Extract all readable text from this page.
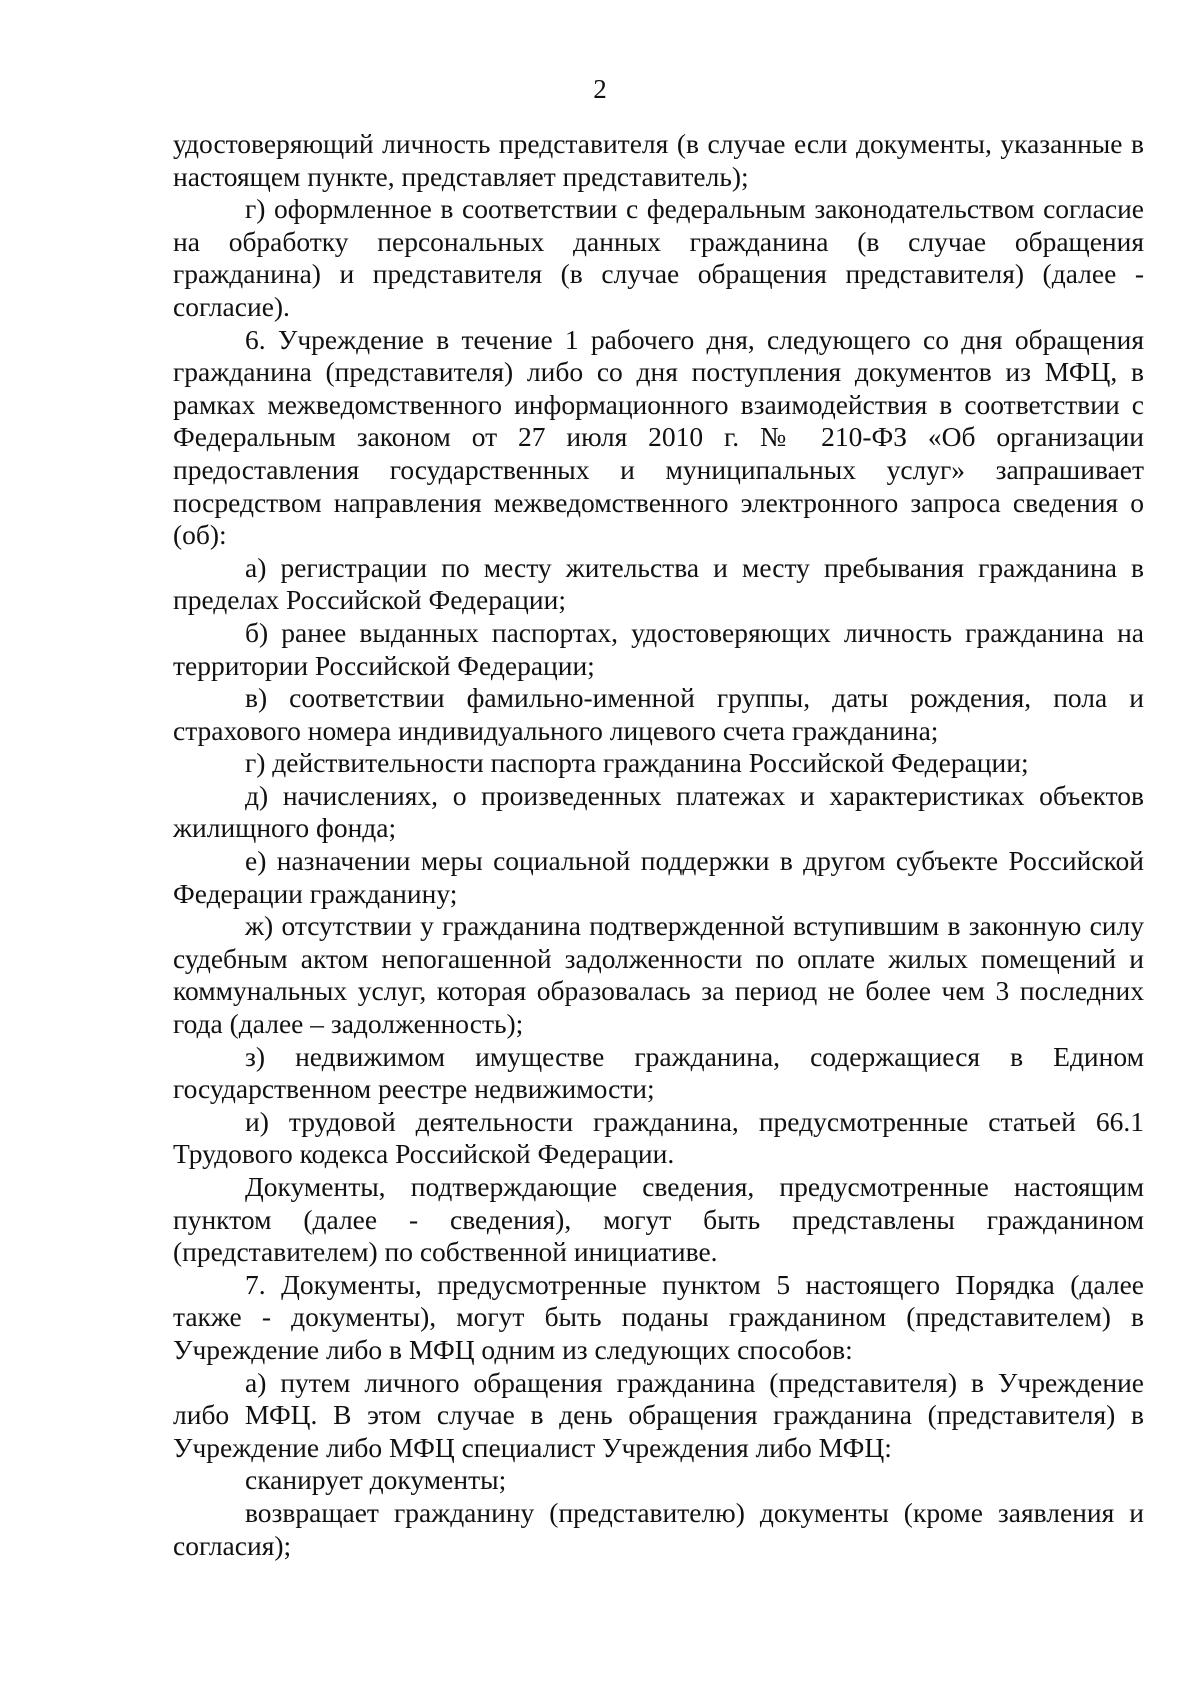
2

удостоверяющий личность представителя (в случае если документы, указанные в настоящем пункте, представляет представитель);

г) оформленное в соответствии с федеральным законодательством согласие на обработку персональных данных гражданина (в случае обращения гражданина) и представителя (в случае обращения представителя) (далее - согласие).

6. Учреждение в течение 1 рабочего дня, следующего со дня обращения гражданина (представителя) либо со дня поступления документов из МФЦ, в рамках межведомственного информационного взаимодействия в соответствии с Федеральным законом от 27 июля 2010 г. № 210-ФЗ «Об организации предоставления государственных и муниципальных услуг» запрашивает посредством направления межведомственного электронного запроса сведения о (об):

а) регистрации по месту жительства и месту пребывания гражданина в пределах Российской Федерации;

б) ранее выданных паспортах, удостоверяющих личность гражданина на территории Российской Федерации;

в) соответствии фамильно-именной группы, даты рождения, пола и страхового номера индивидуального лицевого счета гражданина;

г) действительности паспорта гражданина Российской Федерации;

д) начислениях, о произведенных платежах и характеристиках объектов жилищного фонда;

е) назначении меры социальной поддержки в другом субъекте Российской Федерации гражданину;

ж) отсутствии у гражданина подтвержденной вступившим в законную силу судебным актом непогашенной задолженности по оплате жилых помещений и коммунальных услуг, которая образовалась за период не более чем 3 последних года (далее – задолженность);

з) недвижимом имуществе гражданина, содержащиеся в Едином государственном реестре недвижимости;

и) трудовой деятельности гражданина, предусмотренные статьей 66.1 Трудового кодекса Российской Федерации.

Документы, подтверждающие сведения, предусмотренные настоящим пунктом (далее - сведения), могут быть представлены гражданином (представителем) по собственной инициативе.

7. Документы, предусмотренные пунктом 5 настоящего Порядка (далее также - документы), могут быть поданы гражданином (представителем) в Учреждение либо в МФЦ одним из следующих способов:

а) путем личного обращения гражданина (представителя) в Учреждение либо МФЦ. В этом случае в день обращения гражданина (представителя) в Учреждение либо МФЦ специалист Учреждения либо МФЦ:

сканирует документы;

возвращает гражданину (представителю) документы (кроме заявления и согласия);
